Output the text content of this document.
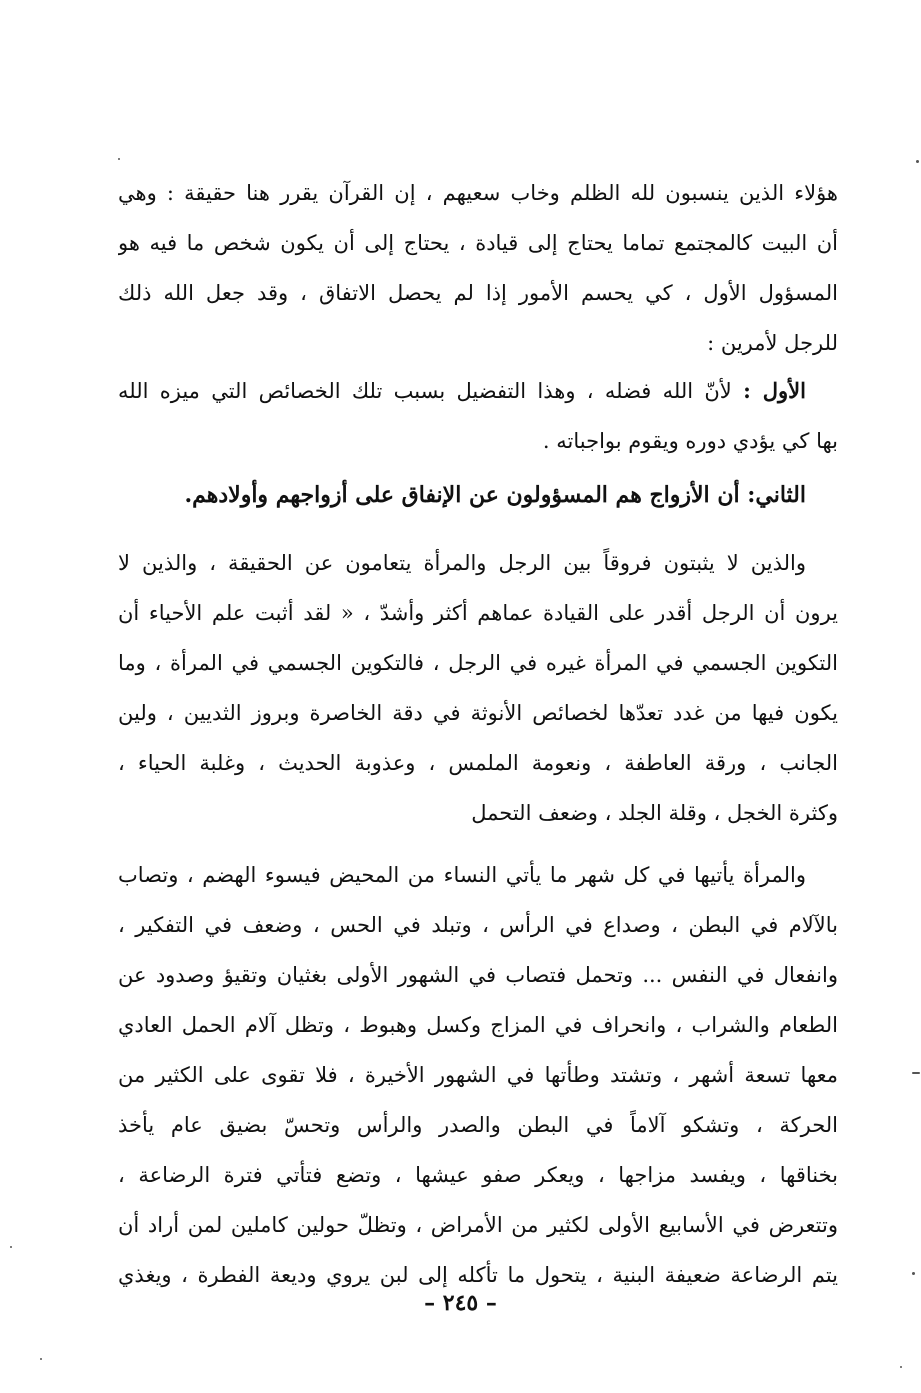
هؤلاء الذين ينسبون لله الظلم وخاب سعيهم ، إن القرآن يقرر هنا حقيقة : وهي
أن البيت كالمجتمع تماما يحتاج إلى قيادة ، يحتاج إلى أن يكون شخص ما فيه هو
المسؤول الأول ، كي يحسم الأمور إذا لم يحصل الاتفاق ، وقد جعل الله ذلك
للرجل لأمرين :
الأول : لأنّ الله فضله ، وهذا التفضيل بسبب تلك الخصائص التي ميزه الله
بها كي يؤدي دوره ويقوم بواجباته .
الثاني: أن الأزواج هم المسؤولون عن الإنفاق على أزواجهم وأولادهم.
والذين لا يثبتون فروقاً بين الرجل والمرأة يتعامون عن الحقيقة ، والذين لا
يرون أن الرجل أقدر على القيادة عماهم أكثر وأشدّ ، « لقد أثبت علم الأحياء أن
التكوين الجسمي في المرأة غيره في الرجل ، فالتكوين الجسمي في المرأة ، وما
يكون فيها من غدد تعدّها لخصائص الأنوثة في دقة الخاصرة وبروز الثديين ، ولين
الجانب ، ورقة العاطفة ، ونعومة الملمس ، وعذوبة الحديث ، وغلبة الحياء ،
وكثرة الخجل ، وقلة الجلد ، وضعف التحمل
والمرأة يأتيها في كل شهر ما يأتي النساء من المحيض فيسوء الهضم ، وتصاب
بالآلام في البطن ، وصداع في الرأس ، وتبلد في الحس ، وضعف في التفكير ،
وانفعال في النفس ... وتحمل فتصاب في الشهور الأولى بغثيان وتقيؤ وصدود عن
الطعام والشراب ، وانحراف في المزاج وكسل وهبوط ، وتظل آلام الحمل العادي
معها تسعة أشهر ، وتشتد وطأتها في الشهور الأخيرة ، فلا تقوى على الكثير من
الحركة ، وتشكو آلاماً في البطن والصدر والرأس وتحسّ بضيق عام يأخذ
بخناقها ، ويفسد مزاجها ، ويعكر صفو عيشها ، وتضع فتأتي فترة الرضاعة ،
وتتعرض في الأسابيع الأولى لكثير من الأمراض ، وتظلّ حولين كاملين لمن أراد أن
يتم الرضاعة ضعيفة البنية ، يتحول ما تأكله إلى لبن يروي وديعة الفطرة ، ويغذي
– ٢٤٥ –
